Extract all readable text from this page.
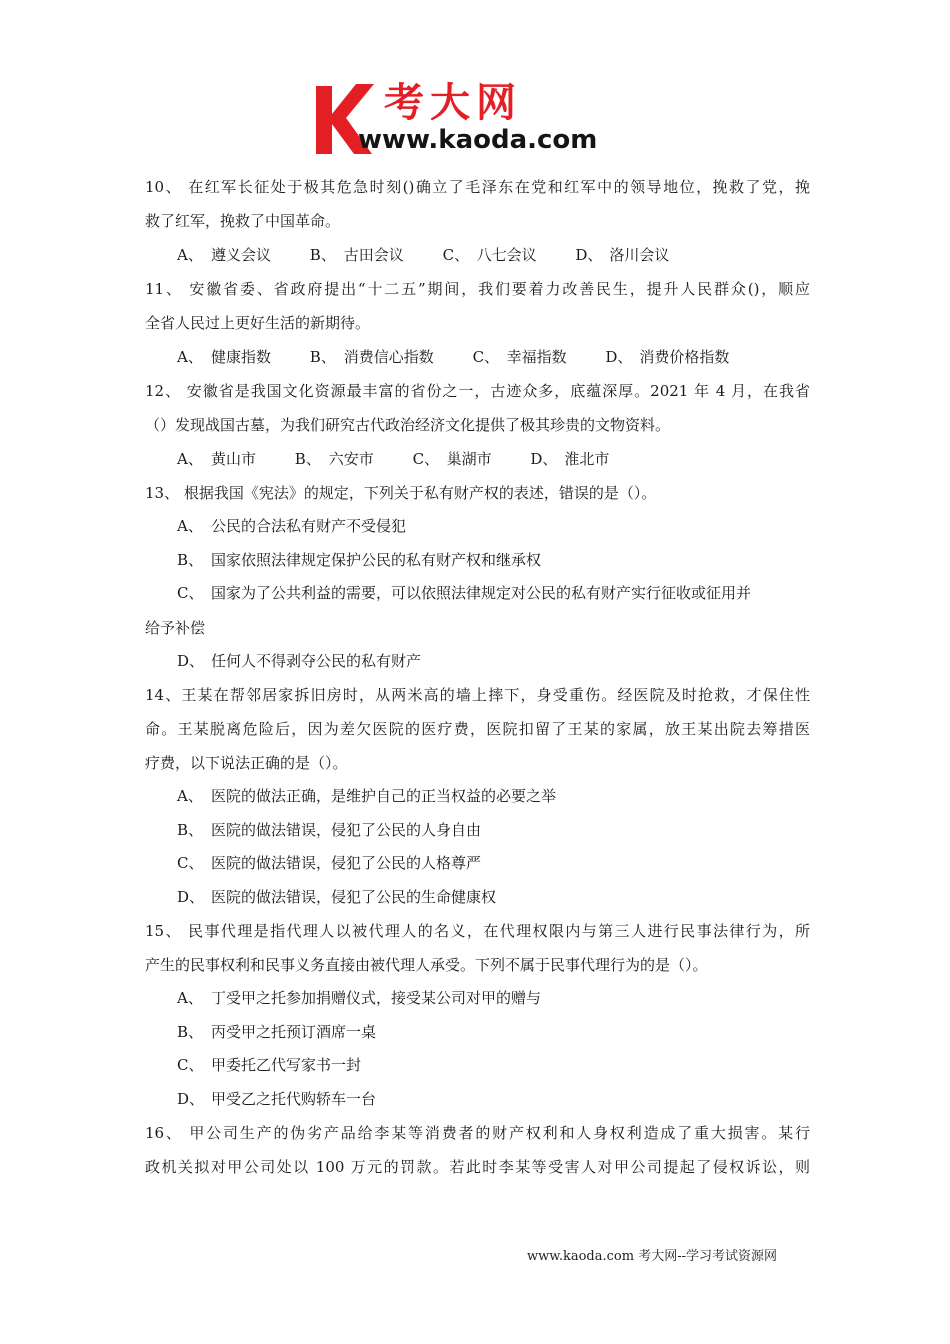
考大网
www.kaoda.com
10、 在红军长征处于极其危急时刻()确立了毛泽东在党和红军中的领导地位，挽救了党，挽
救了红军，挽救了中国革命。
A、 遵义会议	B、 古田会议	C、 八七会议	D、 洛川会议
11、 安徽省委、省政府提出“十二五”期间，我们要着力改善民生，提升人民群众()，顺应
全省人民过上更好生活的新期待。
A、 健康指数	B、 消费信心指数	C、 幸福指数	D、 消费价格指数
12、 安徽省是我国文化资源最丰富的省份之一，古迹众多，底蕴深厚。2021 年 4 月，在我省
（）发现战国古墓，为我们研究古代政治经济文化提供了极其珍贵的文物资料。
A、 黄山市	B、 六安市	C、 巢湖市	D、 淮北市
13、 根据我国《宪法》的规定，下列关于私有财产权的表述，错误的是（）。
A、 公民的合法私有财产不受侵犯
B、 国家依照法律规定保护公民的私有财产权和继承权
C、 国家为了公共利益的需要，可以依照法律规定对公民的私有财产实行征收或征用并
给予补偿
D、 任何人不得剥夺公民的私有财产
14、王某在帮邻居家拆旧房时，从两米高的墙上摔下，身受重伤。经医院及时抢救，才保住性
命。王某脱离危险后，因为差欠医院的医疗费，医院扣留了王某的家属，放王某出院去筹措医
疗费，以下说法正确的是（）。
A、 医院的做法正确，是维护自己的正当权益的必要之举
B、 医院的做法错误，侵犯了公民的人身自由
C、 医院的做法错误，侵犯了公民的人格尊严
D、 医院的做法错误，侵犯了公民的生命健康权
15、 民事代理是指代理人以被代理人的名义，在代理权限内与第三人进行民事法律行为，所
产生的民事权利和民事义务直接由被代理人承受。下列不属于民事代理行为的是（）。
A、 丁受甲之托参加捐赠仪式，接受某公司对甲的赠与
B、 丙受甲之托预订酒席一桌
C、 甲委托乙代写家书一封
D、 甲受乙之托代购轿车一台
16、 甲公司生产的伪劣产品给李某等消费者的财产权利和人身权利造成了重大损害。某行
政机关拟对甲公司处以 100 万元的罚款。若此时李某等受害人对甲公司提起了侵权诉讼，则
www.kaoda.com 考大网--学习考试资源网
